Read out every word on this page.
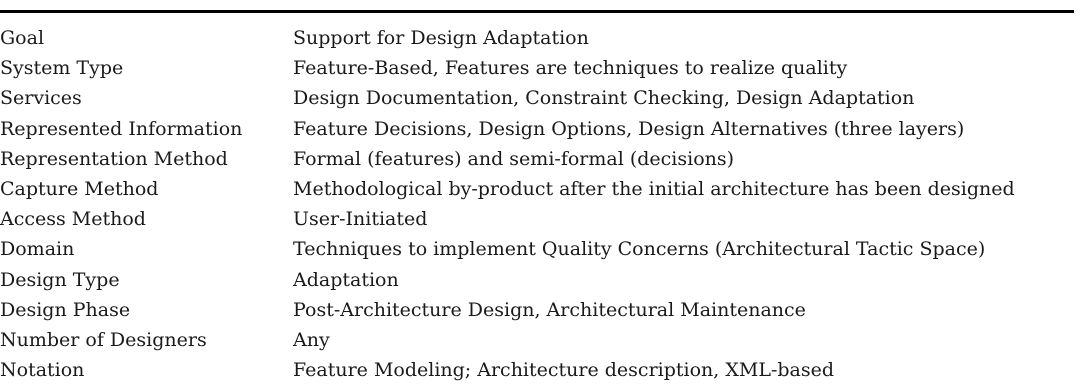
Goal	Support for Design Adaptation
System Type	Feature-Based, Features are techniques to realize quality
Services	Design Documentation, Constraint Checking, Design Adaptation
Represented Information	Feature Decisions, Design Options, Design Alternatives (three layers)
Representation Method	Formal (features) and semi-formal (decisions)
Capture Method	Methodological by-product after the initial architecture has been designed
Access Method	User-Initiated
Domain	Techniques to implement Quality Concerns (Architectural Tactic Space)
Design Type	Adaptation
Design Phase	Post-Architecture Design, Architectural Maintenance
Number of Designers	Any
Notation	Feature Modeling; Architecture description, XML-based
